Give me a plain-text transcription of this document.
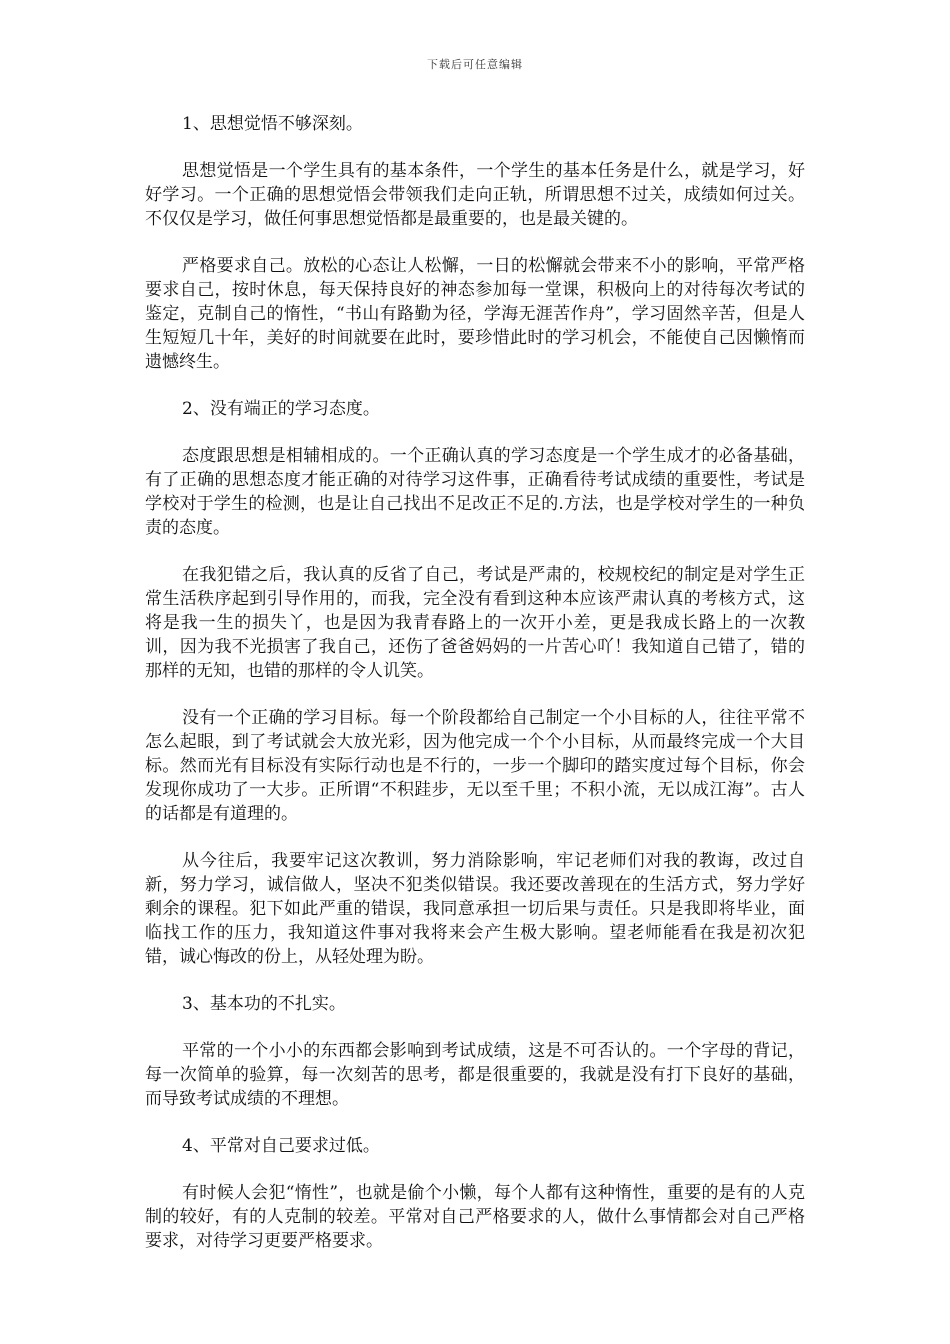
下载后可任意编辑

1、思想觉悟不够深刻。

思想觉悟是一个学生具有的基本条件，一个学生的基本任务是什么，就是学习，好好学习。一个正确的思想觉悟会带领我们走向正轨，所谓思想不过关，成绩如何过关。不仅仅是学习，做任何事思想觉悟都是最重要的，也是最关键的。

严格要求自己。放松的心态让人松懈，一日的松懈就会带来不小的影响，平常严格要求自己，按时休息，每天保持良好的神态参加每一堂课，积极向上的对待每次考试的鉴定，克制自己的惰性，“书山有路勤为径，学海无涯苦作舟”，学习固然辛苦，但是人生短短几十年，美好的时间就要在此时，要珍惜此时的学习机会，不能使自己因懒惰而遗憾终生。

2、没有端正的学习态度。

态度跟思想是相辅相成的。一个正确认真的学习态度是一个学生成才的必备基础，有了正确的思想态度才能正确的对待学习这件事，正确看待考试成绩的重要性，考试是学校对于学生的检测，也是让自己找出不足改正不足的.方法，也是学校对学生的一种负责的态度。

在我犯错之后，我认真的反省了自己，考试是严肃的，校规校纪的制定是对学生正常生活秩序起到引导作用的，而我，完全没有看到这种本应该严肃认真的考核方式，这将是我一生的损失丫，也是因为我青春路上的一次开小差，更是我成长路上的一次教训，因为我不光损害了我自己，还伤了爸爸妈妈的一片苦心吖！我知道自己错了，错的那样的无知，也错的那样的令人讥笑。

没有一个正确的学习目标。每一个阶段都给自己制定一个小目标的人，往往平常不怎么起眼，到了考试就会大放光彩，因为他完成一个个小目标，从而最终完成一个大目标。然而光有目标没有实际行动也是不行的，一步一个脚印的踏实度过每个目标，你会发现你成功了一大步。正所谓“不积跬步，无以至千里；不积小流，无以成江海”。古人的话都是有道理的。

从今往后，我要牢记这次教训，努力消除影响，牢记老师们对我的教诲，改过自新，努力学习，诚信做人，坚决不犯类似错误。我还要改善现在的生活方式，努力学好剩余的课程。犯下如此严重的错误，我同意承担一切后果与责任。只是我即将毕业，面临找工作的压力，我知道这件事对我将来会产生极大影响。望老师能看在我是初次犯错，诚心悔改的份上，从轻处理为盼。

3、基本功的不扎实。

平常的一个小小的东西都会影响到考试成绩，这是不可否认的。一个字母的背记，每一次简单的验算，每一次刻苦的思考，都是很重要的，我就是没有打下良好的基础，而导致考试成绩的不理想。

4、平常对自己要求过低。

有时候人会犯“惰性”，也就是偷个小懒，每个人都有这种惰性，重要的是有的人克制的较好，有的人克制的较差。平常对自己严格要求的人，做什么事情都会对自己严格要求，对待学习更要严格要求。
